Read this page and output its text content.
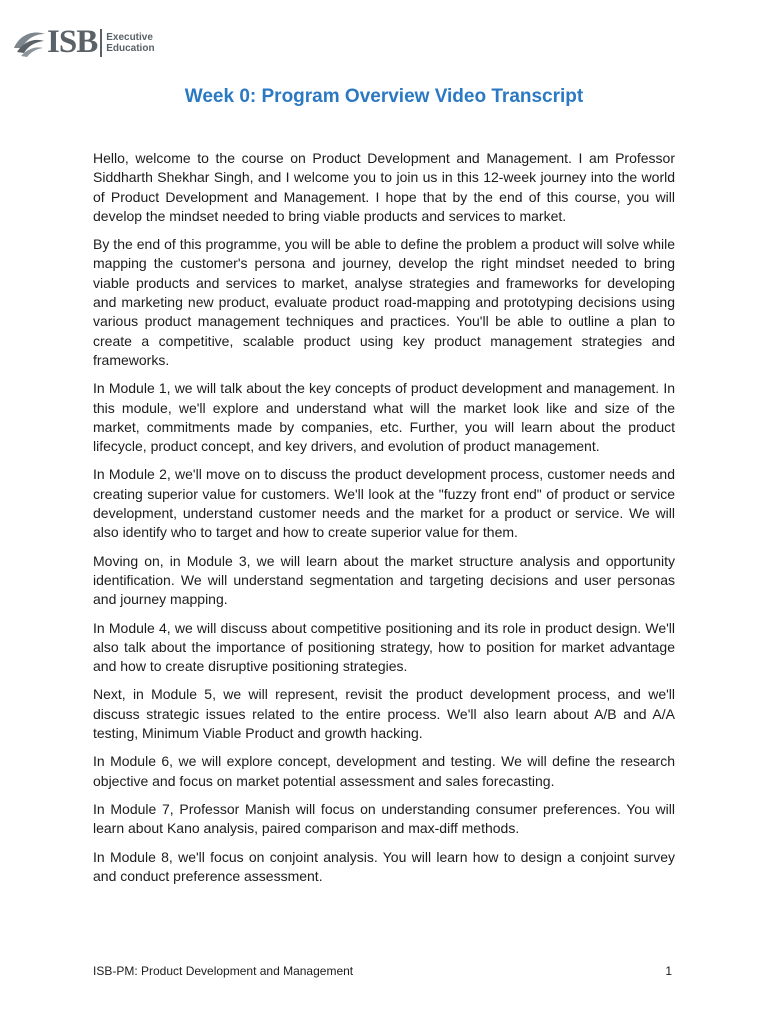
ISB Executive
Education
Week 0: Program Overview Video Transcript

Hello, welcome to the course on Product Development and Management. I am Professor Siddharth Shekhar Singh, and I welcome you to join us in this 12-week journey into the world of Product Development and Management. I hope that by the end of this course, you will develop the mindset needed to bring viable products and services to market.

By the end of this programme, you will be able to define the problem a product will solve while mapping the customer's persona and journey, develop the right mindset needed to bring viable products and services to market, analyse strategies and frameworks for developing and marketing new product, evaluate product road-mapping and prototyping decisions using various product management techniques and practices. You'll be able to outline a plan to create a competitive, scalable product using key product management strategies and frameworks.

In Module 1, we will talk about the key concepts of product development and management. In this module, we'll explore and understand what will the market look like and size of the market, commitments made by companies, etc. Further, you will learn about the product lifecycle, product concept, and key drivers, and evolution of product management.

In Module 2, we'll move on to discuss the product development process, customer needs and creating superior value for customers. We'll look at the "fuzzy front end" of product or service development, understand customer needs and the market for a product or service. We will also identify who to target and how to create superior value for them.

Moving on, in Module 3, we will learn about the market structure analysis and opportunity identification. We will understand segmentation and targeting decisions and user personas and journey mapping.

In Module 4, we will discuss about competitive positioning and its role in product design. We'll also talk about the importance of positioning strategy, how to position for market advantage and how to create disruptive positioning strategies.

Next, in Module 5, we will represent, revisit the product development process, and we'll discuss strategic issues related to the entire process. We'll also learn about A/B and A/A testing, Minimum Viable Product and growth hacking.

In Module 6, we will explore concept, development and testing. We will define the research objective and focus on market potential assessment and sales forecasting.

In Module 7, Professor Manish will focus on understanding consumer preferences. You will learn about Kano analysis, paired comparison and max-diff methods.

In Module 8, we'll focus on conjoint analysis. You will learn how to design a conjoint survey and conduct preference assessment.

ISB-PM: Product Development and Management	1
